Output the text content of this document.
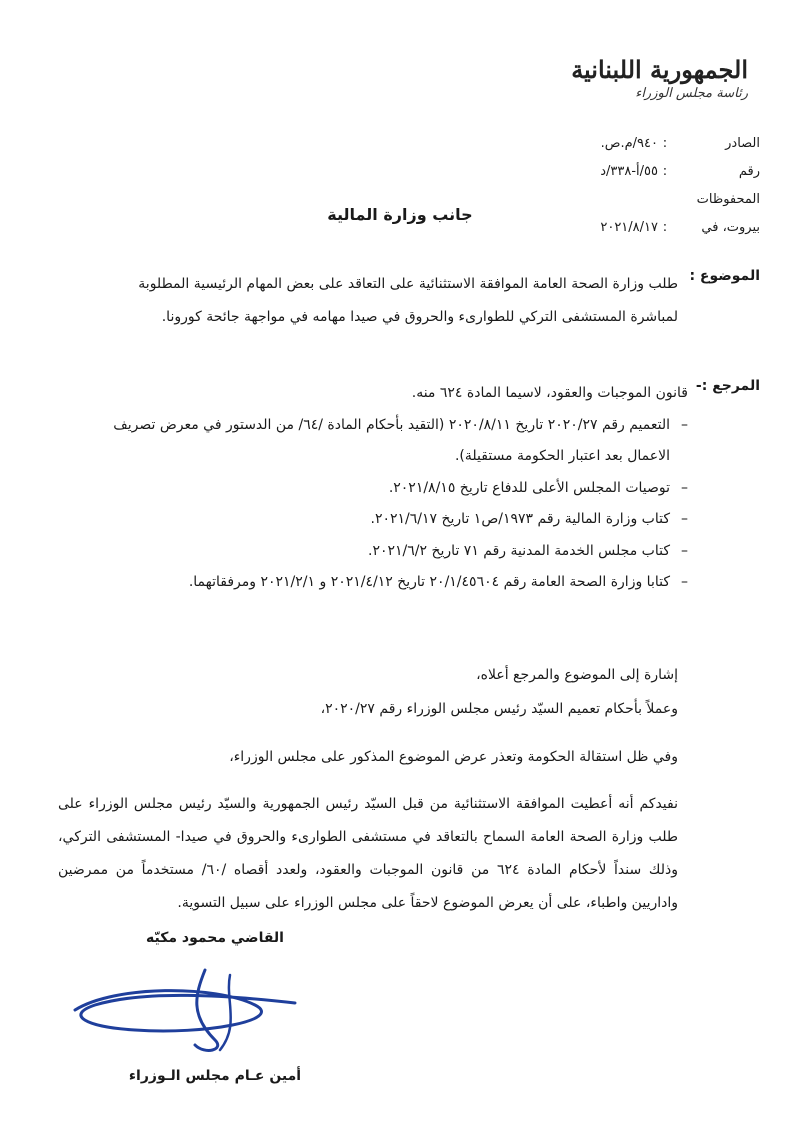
الجمهورية اللبنانية
رئاسة مجلس الوزراء
الصادر
:
٩٤٠/م.ص.
رقم المحفوظات
:
٥٥/أ-٣٣٨/د
بيروت، في
:
٢٠٢١/٨/١٧
جانب وزارة المالية
الموضوع :
طلب وزارة الصحة العامة الموافقة الاستثنائية على التعاقد على بعض المهام الرئيسية المطلوبة لمباشرة المستشفى التركي للطوارىء والحروق في صيدا مهامه في مواجهة جائحة كورونا.
المرجع :-
قانون الموجبات والعقود، لاسيما المادة ٦٢٤ منه.
–
التعميم رقم ٢٠٢٠/٢٧ تاريخ ٢٠٢٠/٨/١١ (التقيد بأحكام المادة /٦٤/ من الدستور في معرض تصريف الاعمال بعد اعتبار الحكومة مستقيلة).
–
توصيات المجلس الأعلى للدفاع تاريخ ٢٠٢١/٨/١٥.
–
كتاب وزارة المالية رقم ١٩٧٣/ص١ تاريخ ٢٠٢١/٦/١٧.
–
كتاب مجلس الخدمة المدنية رقم ٧١ تاريخ ٢٠٢١/٦/٢.
–
كتابا وزارة الصحة العامة رقم ٢٠/١/٤٥٦٠٤ تاريخ ٢٠٢١/٤/١٢ و ٢٠٢١/٢/١ ومرفقاتهما.
إشارة إلى الموضوع والمرجع أعلاه،
وعملاً بأحكام تعميم السيّد رئيس مجلس الوزراء رقم ٢٠٢٠/٢٧،
وفي ظل استقالة الحكومة وتعذر عرض الموضوع المذكور على مجلس الوزراء،
نفيدكم أنه أعطيت الموافقة الاستثنائية من قبل السيّد رئيس الجمهورية والسيّد رئيس مجلس الوزراء على طلب وزارة الصحة العامة السماح بالتعاقد في مستشفى الطوارىء والحروق في صيدا- المستشفى التركي، وذلك سنداً لأحكام المادة ٦٢٤ من قانون الموجبات والعقود، ولعدد أقصاه /٦٠/ مستخدماً من ممرضين واداريين واطباء، على أن يعرض الموضوع لاحقاً على مجلس الوزراء على سبيل التسوية.
القاضي محمود مكيّه
أمين عـام مجلس الـوزراء
